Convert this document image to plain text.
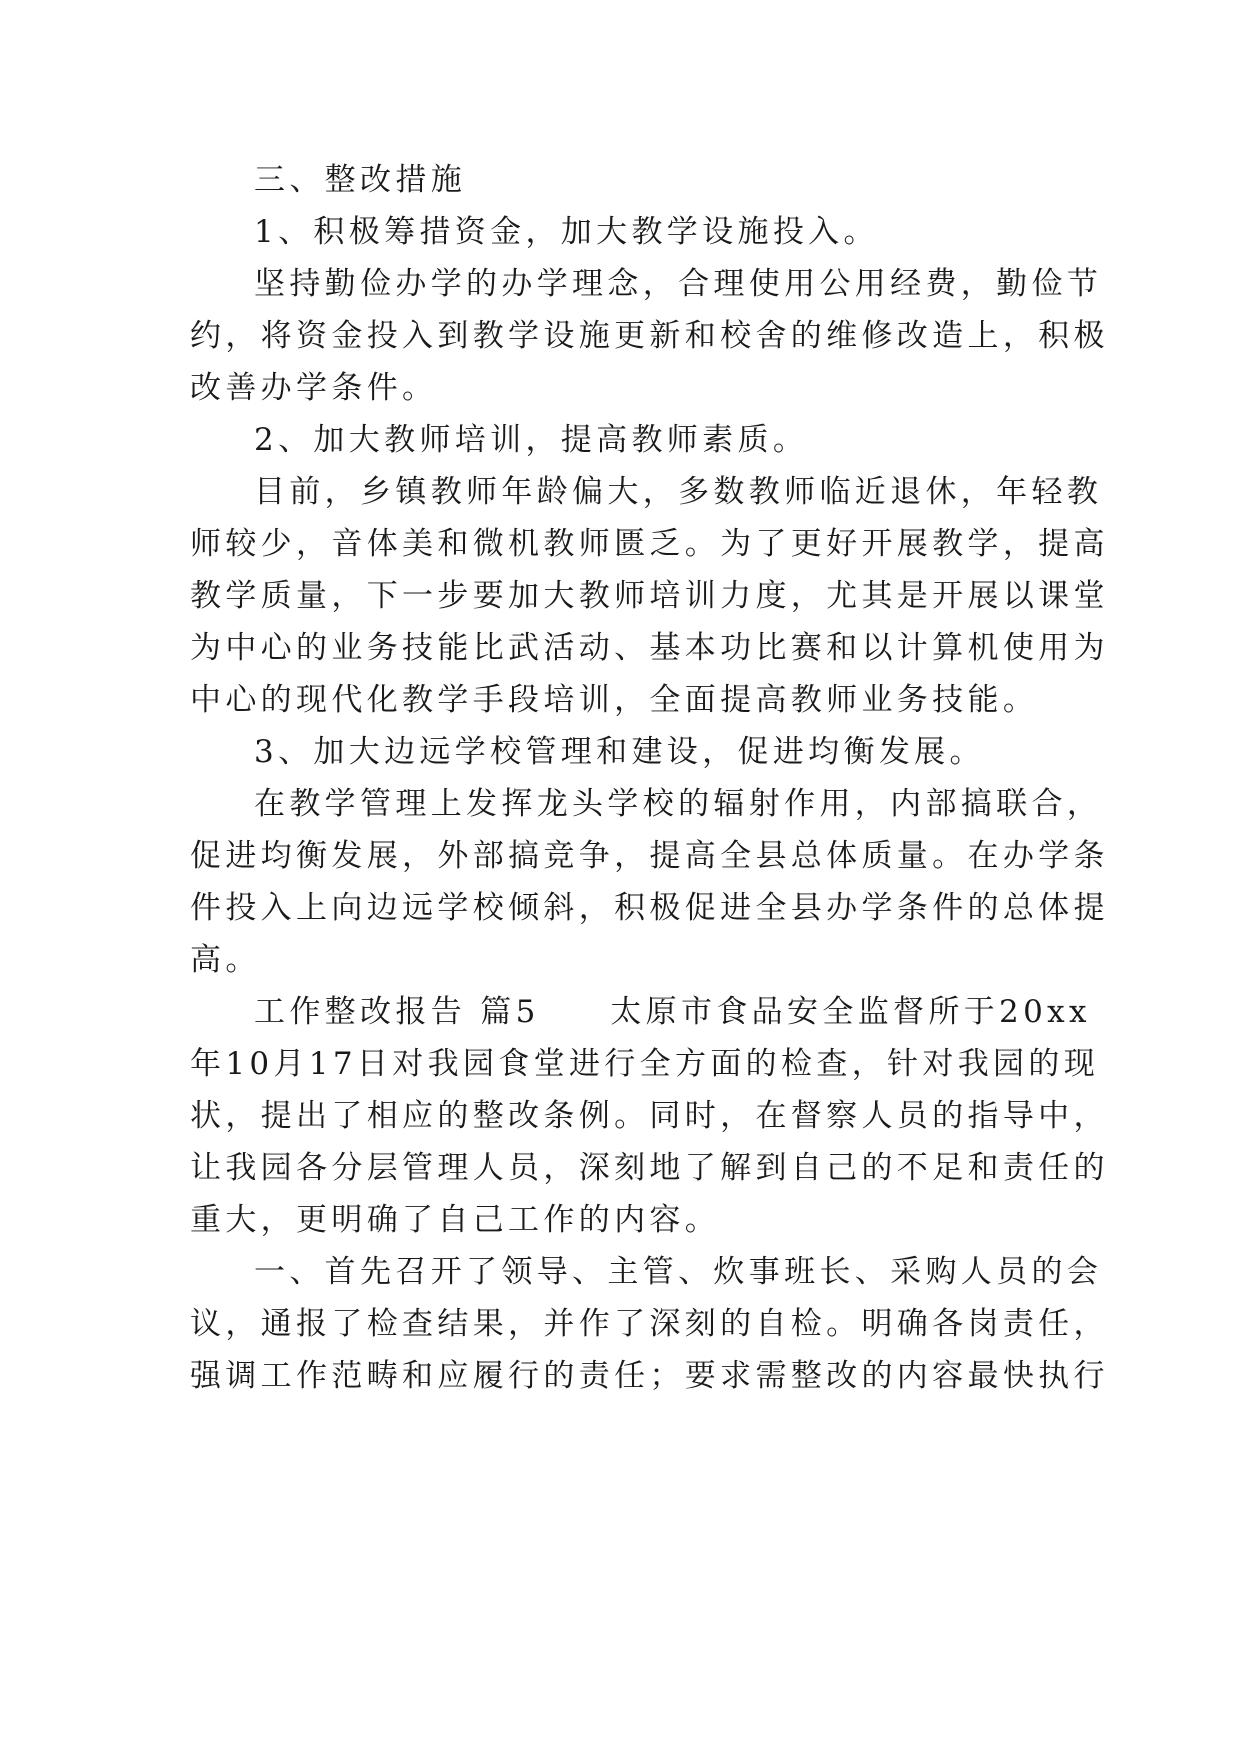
三、整改措施
1、积极筹措资金，加大教学设施投入。
坚持勤俭办学的办学理念，合理使用公用经费，勤俭节
约，将资金投入到教学设施更新和校舍的维修改造上，积极
改善办学条件。
2、加大教师培训，提高教师素质。
目前，乡镇教师年龄偏大，多数教师临近退休，年轻教
师较少，音体美和微机教师匮乏。为了更好开展教学，提高
教学质量，下一步要加大教师培训力度，尤其是开展以课堂
为中心的业务技能比武活动、基本功比赛和以计算机使用为
中心的现代化教学手段培训，全面提高教师业务技能。
3、加大边远学校管理和建设，促进均衡发展。
在教学管理上发挥龙头学校的辐射作用，内部搞联合，
促进均衡发展，外部搞竞争，提高全县总体质量。在办学条
件投入上向边远学校倾斜，积极促进全县办学条件的总体提
高。
工作整改报告 篇5　　太原市食品安全监督所于20xx
年10月17日对我园食堂进行全方面的检查，针对我园的现
状，提出了相应的整改条例。同时，在督察人员的指导中，
让我园各分层管理人员，深刻地了解到自己的不足和责任的
重大，更明确了自己工作的内容。
一、首先召开了领导、主管、炊事班长、采购人员的会
议，通报了检查结果，并作了深刻的自检。明确各岗责任，
强调工作范畴和应履行的责任；要求需整改的内容最快执行
